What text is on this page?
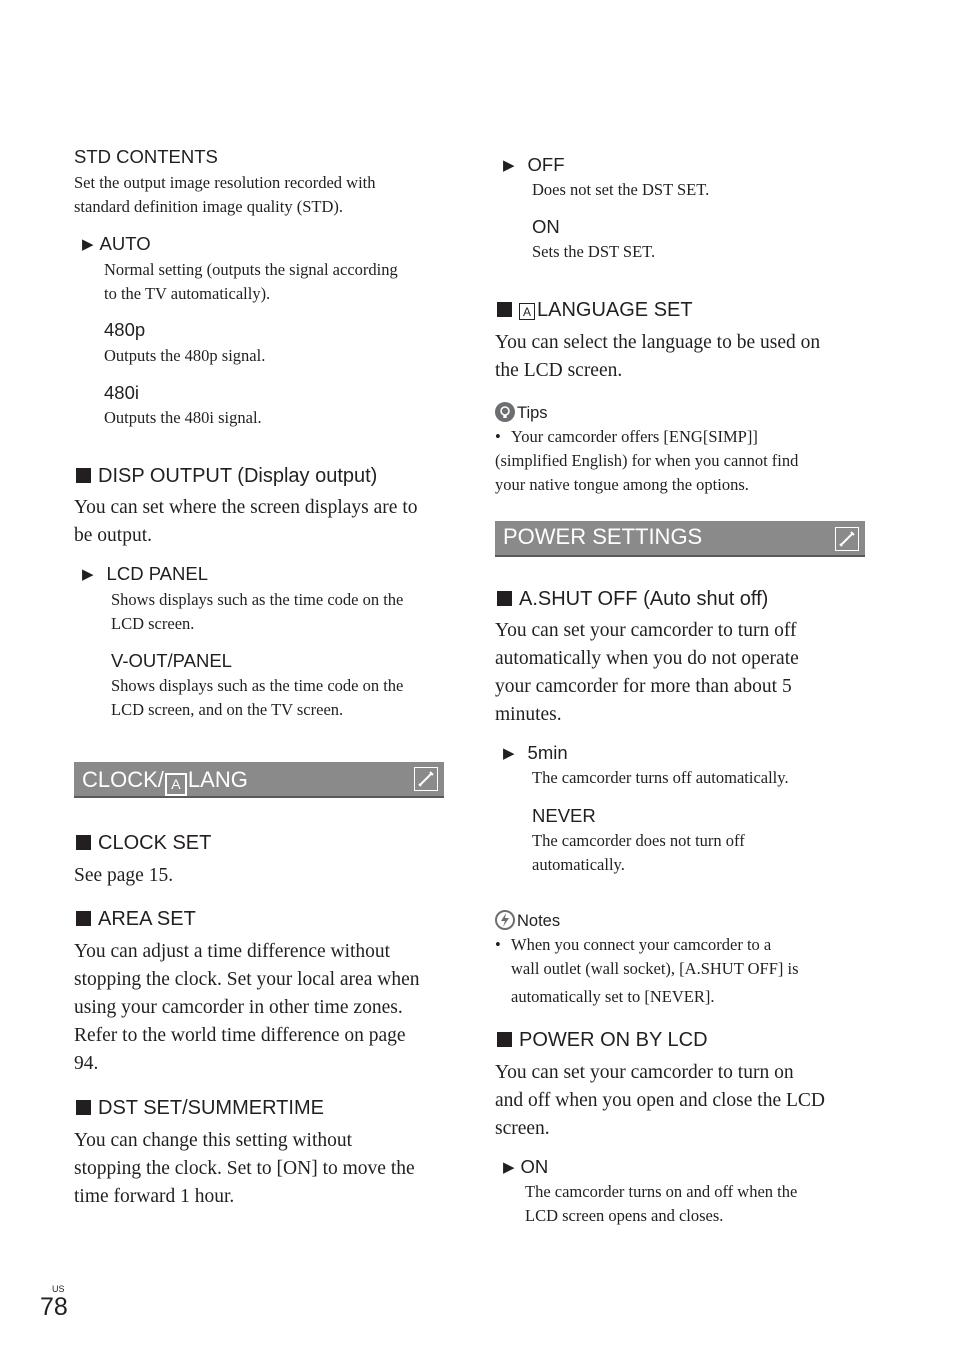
STD CONTENTS
Set the output image resolution recorded with
standard definition image quality (STD).
▶ AUTO
Normal setting (outputs the signal according
to the TV automatically).
480p
Outputs the 480p signal.
480i
Outputs the 480i signal.
DISP OUTPUT (Display output)
You can set where the screen displays are to
be output.
▶ LCD PANEL
Shows displays such as the time code on the
LCD screen.
V-OUT/PANEL
Shows displays such as the time code on the
LCD screen, and on the TV screen.
CLOCK/ A LANG
CLOCK SET
See page 15.
AREA SET
You can adjust a time difference without
stopping the clock. Set your local area when
using your camcorder in other time zones.
Refer to the world time difference on page
94.
DST SET/SUMMERTIME
You can change this setting without
stopping the clock. Set to [ON] to move the
time forward 1 hour.
▶ OFF
Does not set the DST SET.
ON
Sets the DST SET.
A LANGUAGE SET
You can select the language to be used on
the LCD screen.
Tips
• Your camcorder offers [ENG[SIMP]]
(simplified English) for when you cannot find
your native tongue among the options.
POWER SETTINGS
A.SHUT OFF (Auto shut off)
You can set your camcorder to turn off
automatically when you do not operate
your camcorder for more than about 5
minutes.
▶ 5min
The camcorder turns off automatically.
NEVER
The camcorder does not turn off
automatically.
Notes
• When you connect your camcorder to a
wall outlet (wall socket), [A.SHUT OFF] is
automatically set to [NEVER].
POWER ON BY LCD
You can set your camcorder to turn on
and off when you open and close the LCD
screen.
▶ ON
The camcorder turns on and off when the
LCD screen opens and closes.
US
78
